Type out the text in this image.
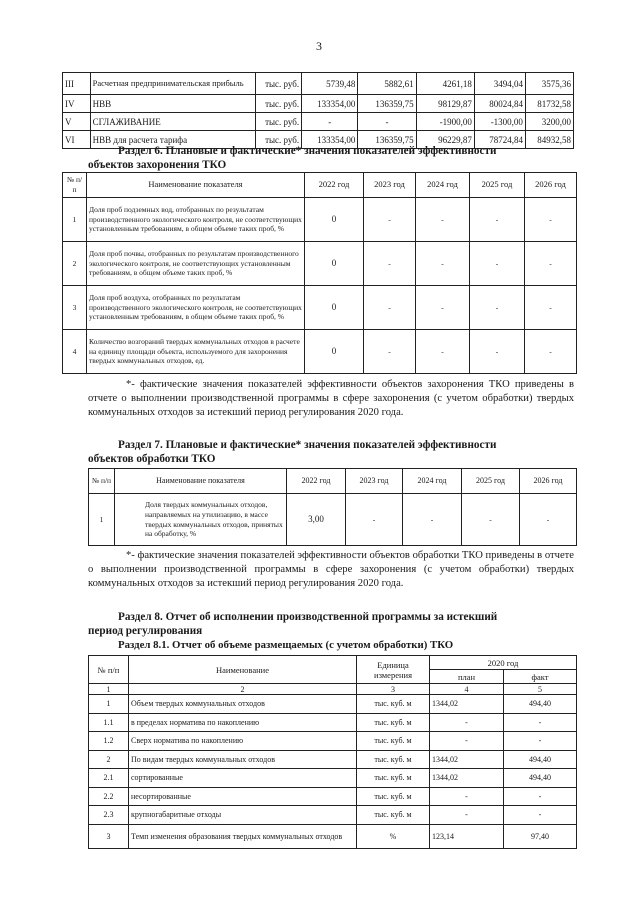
3
III	Расчетная предпринимательская прибыль	тыс. руб.	5739,48	5882,61	4261,18	3494,04	3575,36
IV	НВВ	тыс. руб.	133354,00	136359,75	98129,87	80024,84	81732,58
V	СГЛАЖИВАНИЕ	тыс. руб.	-	-	-1900,00	-1300,00	3200,00
VI	НВВ для расчета тарифа	тыс. руб.	133354,00	136359,75	96229,87	78724,84	84932,58
Раздел 6. Плановые и фактические* значения показателей эффективности
объектов захоронения ТКО
№ п/п	Наименование показателя	2022 год	2023 год	2024 год	2025 год	2026 год
1	Доля проб подземных вод, отобранных по результатам производственного экологического контроля, не соответствующих установленным требованиям, в общем объеме таких проб, %	0	-	-	-	-
2	Доля проб почвы, отобранных по результатам производственного экологического контроля, не соответствующих установленным требованиям, в общем объеме таких проб, %	0	-	-	-	-
3	Доля проб воздуха, отобранных по результатам производственного экологического контроля, не соответствующих установленным требованиям, в общем объеме таких проб, %	0	-	-	-	-
4	Количество возгораний твердых коммунальных отходов в расчете на единицу площади объекта, используемого для захоронения твердых коммунальных отходов, ед.	0	-	-	-	-
*- фактические значения показателей эффективности объектов захоронения ТКО приведены в отчете о выполнении производственной программы в сфере захоронения (с учетом обработки) твердых коммунальных отходов за истекший период регулирования 2020 года.
Раздел 7. Плановые и фактические* значения показателей эффективности
объектов обработки ТКО
№ п/п	Наименование показателя	2022 год	2023 год	2024 год	2025 год	2026 год
1	Доля твердых коммунальных отходов, направляемых на утилизацию, в массе твердых коммунальных отходов, принятых на обработку, %	3,00	-	-	-	-
*- фактические значения показателей эффективности объектов обработки ТКО приведены в отчете о выполнении производственной программы в сфере захоронения (с учетом обработки) твердых коммунальных отходов за истекший период регулирования 2020 года.
Раздел 8. Отчет об исполнении производственной программы за истекший
период регулирования
Раздел 8.1. Отчет об объеме размещаемых (с учетом обработки) ТКО
№ п/п	Наименование	Единица измерения	2020 год	
			план	факт
1	2	3	4	5
1	Объем твердых коммунальных отходов	тыс. куб. м	1344,02	494,40
1.1	в пределах норматива по накоплению	тыс. куб. м	-	-
1.2	Сверх норматива по накоплению	тыс. куб. м	-	-
2	По видам твердых коммунальных отходов	тыс. куб. м	1344,02	494,40
2.1	сортированные	тыс. куб. м	1344,02	494,40
2.2	несортированные	тыс. куб. м	-	-
2.3	крупногабаритные отходы	тыс. куб. м	-	-
3	Темп изменения образования твердых коммунальных отходов	%	123,14	97,40
